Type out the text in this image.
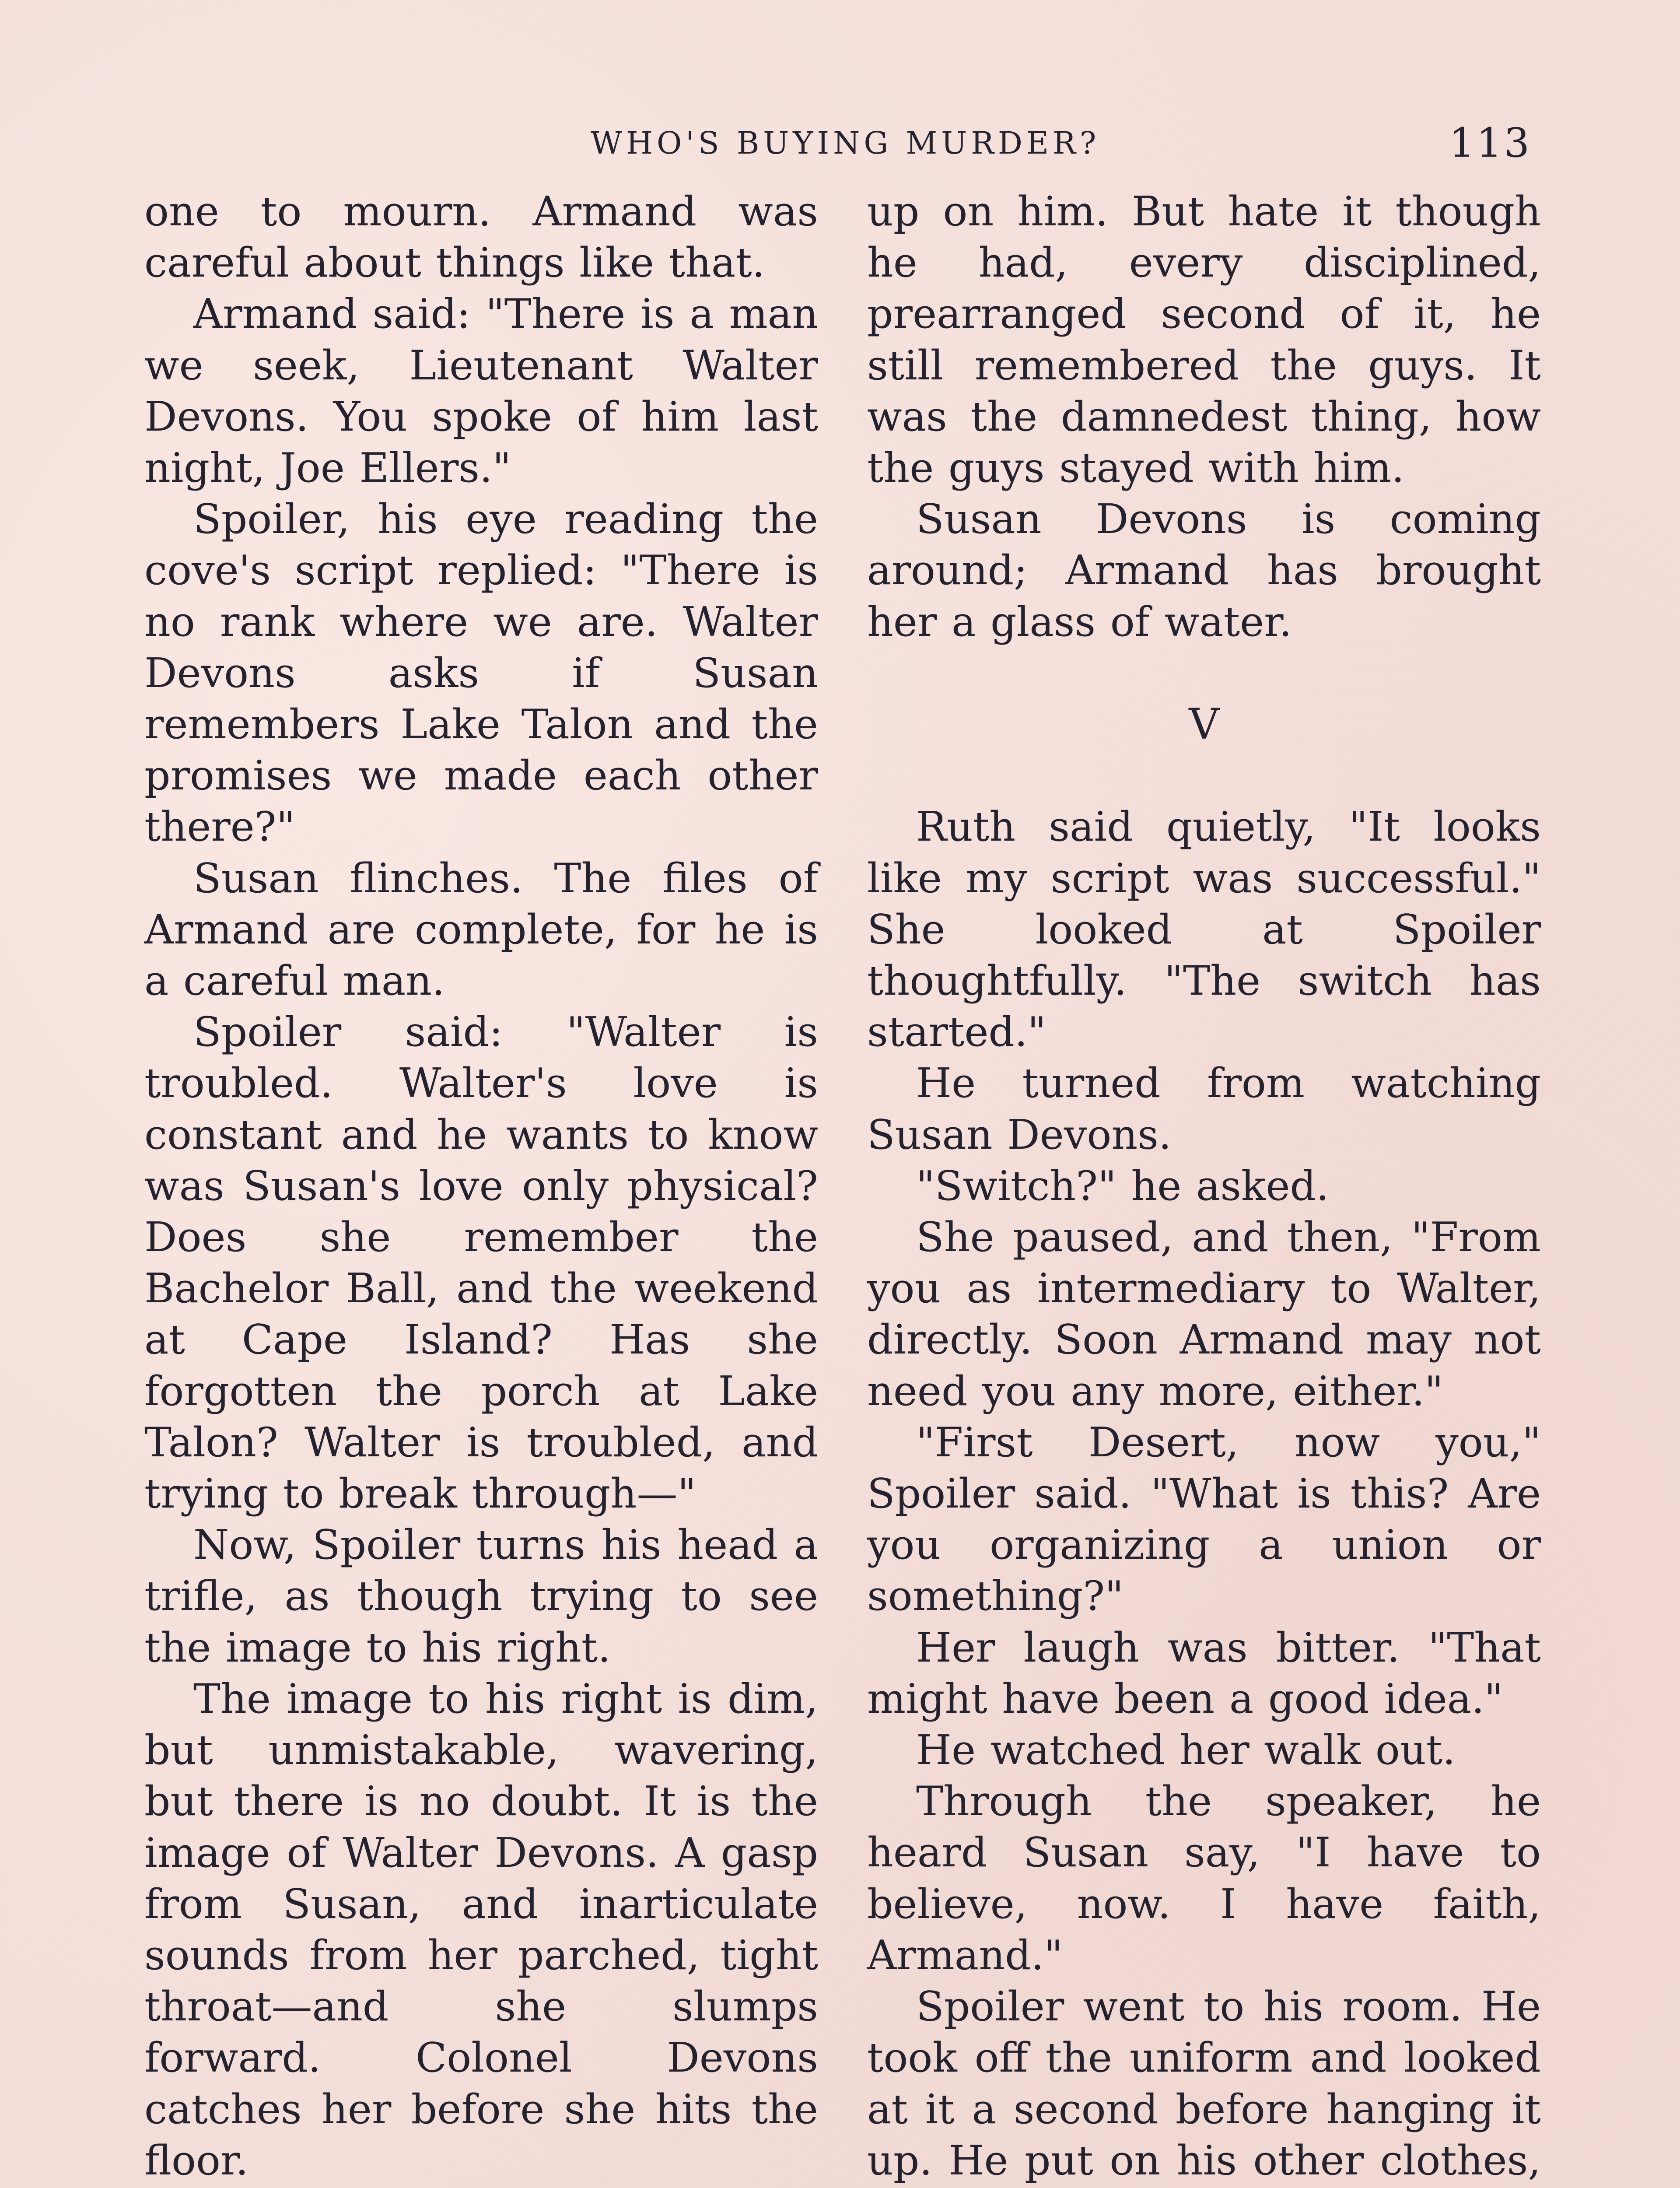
WHO'S BUYING MURDER?	113

one to mourn. Armand was careful about things like that.

Armand said: "There is a man we seek, Lieutenant Walter Devons. You spoke of him last night, Joe Ellers."

Spoiler, his eye reading the cove's script replied: "There is no rank where we are. Walter Devons asks if Susan remembers Lake Talon and the promises we made each other there?"

Susan flinches. The files of Armand are complete, for he is a careful man.

Spoiler said: "Walter is troubled. Walter's love is constant and he wants to know was Susan's love only physical? Does she remember the Bachelor Ball, and the weekend at Cape Island? Has she forgotten the porch at Lake Talon? Walter is troubled, and trying to break through—"

Now, Spoiler turns his head a trifle, as though trying to see the image to his right.

The image to his right is dim, but unmistakable, wavering, but there is no doubt. It is the image of Walter Devons. A gasp from Susan, and inarticulate sounds from her parched, tight throat—and she slumps forward. Colonel Devons catches her before she hits the floor.

up on him. But hate it though he had, every disciplined, prearranged second of it, he still remembered the guys. It was the damnedest thing, how the guys stayed with him.

Susan Devons is coming around; Armand has brought her a glass of water.

V

Ruth said quietly, "It looks like my script was successful." She looked at Spoiler thoughtfully. "The switch has started."

He turned from watching Susan Devons.

"Switch?" he asked.

She paused, and then, "From you as intermediary to Walter, directly. Soon Armand may not need you any more, either."

"First Desert, now you," Spoiler said. "What is this? Are you organizing a union or something?"

Her laugh was bitter. "That might have been a good idea."

He watched her walk out.

Through the speaker, he heard Susan say, "I have to believe, now. I have faith, Armand."

Spoiler went to his room. He took off the uniform and looked at it a second before hanging it up. He put on his other clothes,
